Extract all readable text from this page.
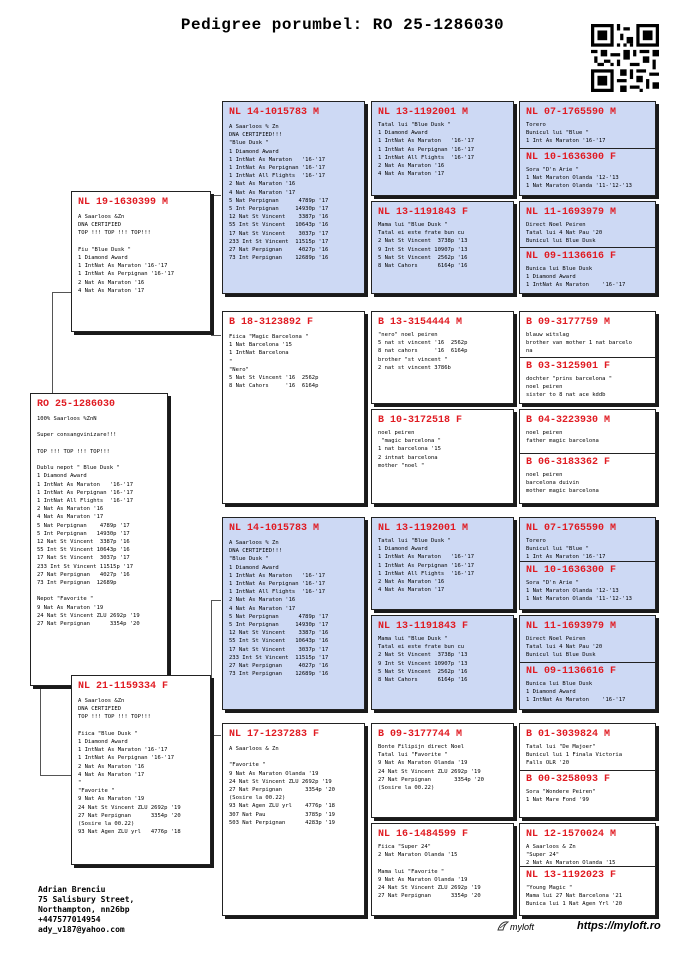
Pedigree porumbel: RO 25-1286030
RO 25-1286030
100% Saarloos %ZnN

Super consangvinizare!!!

TOP !!! TOP !!! TOP!!!

Dublu nepot " Blue Dusk "
1 Diamond Award
1 IntNat As Maraton   '16-'17
1 IntNat As Perpignan '16-'17
1 IntNat All Flights  '16-'17
2 Nat As Maraton '16
4 Nat As Maraton '17
5 Nat Perpignan    4789p '17
5 Int Perpignan   14930p '17
12 Nat St Vincent  3387p '16
55 Int St Vincent 10643p '16
17 Nat St Vincent  3037p '17
233 Int St Vincent 11515p '17
27 Nat Perpignan   4027p '16
73 Int Perpignan  12689p

Nepot "Favorite "
9 Nat As Maraton '19
24 Nat St Vincent ZLU 2692p '19
27 Nat Perpignan      3354p '20
NL 19-1630399 M
A Saarloos &Zn
DNA CERTIFIED
TOP !!! TOP !!! TOP!!!

Fiu "Blue Dusk "
1 Diamond Award
1 IntNat As Maraton '16-'17
1 IntNat As Perpignan '16-'17
2 Nat As Maraton '16
4 Nat As Maraton '17
NL 21-1159334 F
A Saarloos &Zn
DNA CERTIFIED
TOP !!! TOP !!! TOP!!!

Fiica "Blue Dusk "
1 Diamond Award
1 IntNat As Maraton '16-'17
1 IntNat As Perpignan '16-'17
2 Nat As Maraton '16
4 Nat As Maraton '17
"
"Favorite "
9 Nat As Maraton '19
24 Nat St Vincent ZLU 2692p '19
27 Nat Perpignan      3354p '20
(Sosire la 00.22)
93 Nat Agen ZLU yrl   4776p '18
NL 14-1015783 M
A Saarloos % Zn
DNA CERTIFIED!!!
"Blue Dusk "
1 Diamond Award
1 IntNat As Maraton   '16-'17
1 IntNat As Perpignan '16-'17
1 IntNat All Flights  '16-'17
2 Nat As Maraton '16
4 Nat As Maraton '17
5 Nat Perpignan      4789p '17
5 Int Perpignan     14930p '17
12 Nat St Vincent    3387p '16
55 Int St Vincent   10643p '16
17 Nat St Vincent    3037p '17
233 Int St Vincent  11515p '17
27 Nat Perpignan     4027p '16
73 Int Perpignan    12689p '16
B 18-3123892 F
Fiica "Magic Barcelona "
1 Nat Barcelona '15
1 IntNat Barcelona
"
"Nero"
5 Nat St Vincent '16  2562p
8 Nat Cahors     '16  6164p
NL 14-1015783 M
A Saarloos % Zn
DNA CERTIFIED!!!
"Blue Dusk "
1 Diamond Award
1 IntNat As Maraton   '16-'17
1 IntNat As Perpignan '16-'17
1 IntNat All Flights  '16-'17
2 Nat As Maraton '16
4 Nat As Maraton '17
5 Nat Perpignan      4789p '17
5 Int Perpignan     14930p '17
12 Nat St Vincent    3387p '16
55 Int St Vincent   10643p '16
17 Nat St Vincent    3037p '17
233 Int St Vincent  11515p '17
27 Nat Perpignan     4027p '16
73 Int Perpignan    12689p '16
NL 17-1237283 F
A Saarloos & Zn

"Favorite "
9 Nat As Maraton Olanda '19
24 Nat St Vincent ZLU 2692p '19
27 Nat Perpignan       3354p '20
(Sosire la 00.22)
93 Nat Agen ZLU yrl    4776p '18
307 Nat Pau            3785p '19
503 Nat Perpignan      4283p '19
NL 13-1192001 M
Tatal lui "Blue Dusk "
1 Diamond Award
1 IntNat As Maraton   '16-'17
1 IntNat As Perpignan '16-'17
1 IntNat All Flights  '16-'17
2 Nat As Maraton '16
4 Nat As Maraton '17
NL 13-1191843 F
Mama lui "Blue Dusk "
Tatal ei este frate bun cu
2 Nat St Vincent  3738p '13
9 Int St Vincent 10907p '13
5 Nat St Vincent  2562p '16
8 Nat Cahors      6164p '16
B 13-3154444 M
"nero" noel peiren
5 nat st vincent '16  2562p
8 nat cahors     '16  6164p
brother "st vincent "
2 nat st vincent 3786b
B 10-3172518 F
noel peiren
"magic barcelona "
1 nat barcelona '15
2 intnat barcelona
mother "noel "
NL 13-1192001 M
Tatal lui "Blue Dusk "
1 Diamond Award
1 IntNat As Maraton   '16-'17
1 IntNat As Perpignan '16-'17
1 IntNat All Flights  '16-'17
2 Nat As Maraton '16
4 Nat As Maraton '17
NL 13-1191843 F
Mama lui "Blue Dusk "
Tatal ei este frate bun cu
2 Nat St Vincent  3738p '13
9 Int St Vincent 10907p '13
5 Nat St Vincent  2562p '16
8 Nat Cahors      6164p '16
B 09-3177744 M
Bonte Filipijn direct Noel
Tatal lui "Favorite "
9 Nat As Maraton Olanda '19
24 Nat St Vincent ZLU 2692p '19
27 Nat Perpignan       3354p '20
(Sosire la 00.22)
NL 16-1484599 F
Fiica "Super 24"
2 Nat Maraton Olanda '15

Mama lui "Favorite "
9 Nat As Maraton Olanda '19
24 Nat St Vincent ZLU 2692p '19
27 Nat Perpignan      3354p '20
NL 07-1765590 M
Torero
Bunicul lui "Blue "
1 Int As Maraton '16-'17
NL 10-1636300 F
Sora "D'n Arie "
1 Nat Maraton Olanda '12-'13
1 Nat Maraton Olanda '11-'12-'13
NL 11-1693979 M
Direct Noel Peiren
Tatal lui 4 Nat Pau '20
Bunicul lui Blue Dusk
NL 09-1136616 F
Bunica lui Blue Dusk
1 Diamond Award
1 IntNat As Maraton    '16-'17
B 09-3177759 M
blauw witslag
brother van mother 1 nat barcelo
na
B 03-3125901 F
dochter "prins barcelona "
noel peiren
sister to 8 nat ace kddb
B 04-3223930 M
noel peiren
father magic barcelona
B 06-3183362 F
noel peiren
barcelona duivin
mother magic barcelona
NL 07-1765590 M
Torero
Bunicul lui "Blue "
1 Int As Maraton '16-'17
NL 10-1636300 F
Sora "D'n Arie "
1 Nat Maraton Olanda '12-'13
1 Nat Maraton Olanda '11-'12-'13
NL 11-1693979 M
Direct Noel Peiren
Tatal lui 4 Nat Pau '20
Bunicul lui Blue Dusk
NL 09-1136616 F
Bunica lui Blue Dusk
1 Diamond Award
1 IntNat As Maraton    '16-'17
B 01-3039824 M
Tatal lui "De Majoer"
Bunicul lui 1 Finala Victoria
Falls OLR '20
B 00-3258093 F
Sora "Wondere Peiren"
1 Nat Mare Fond '99
NL 12-1570024 M
A Saarloos & Zn
"Super 24"
2 Nat As Maraton Olanda '15
NL 13-1192023 F
"Young Magic "
Mama lui 27 Nat Barcelona '21
Bunica lui 1 Nat Agen Yrl '20
Adrian Brenciu
75 Salisbury Street,
Northampton, nn26bp
+447577014954
ady_v187@yahoo.com	myloft	https://myloft.ro
